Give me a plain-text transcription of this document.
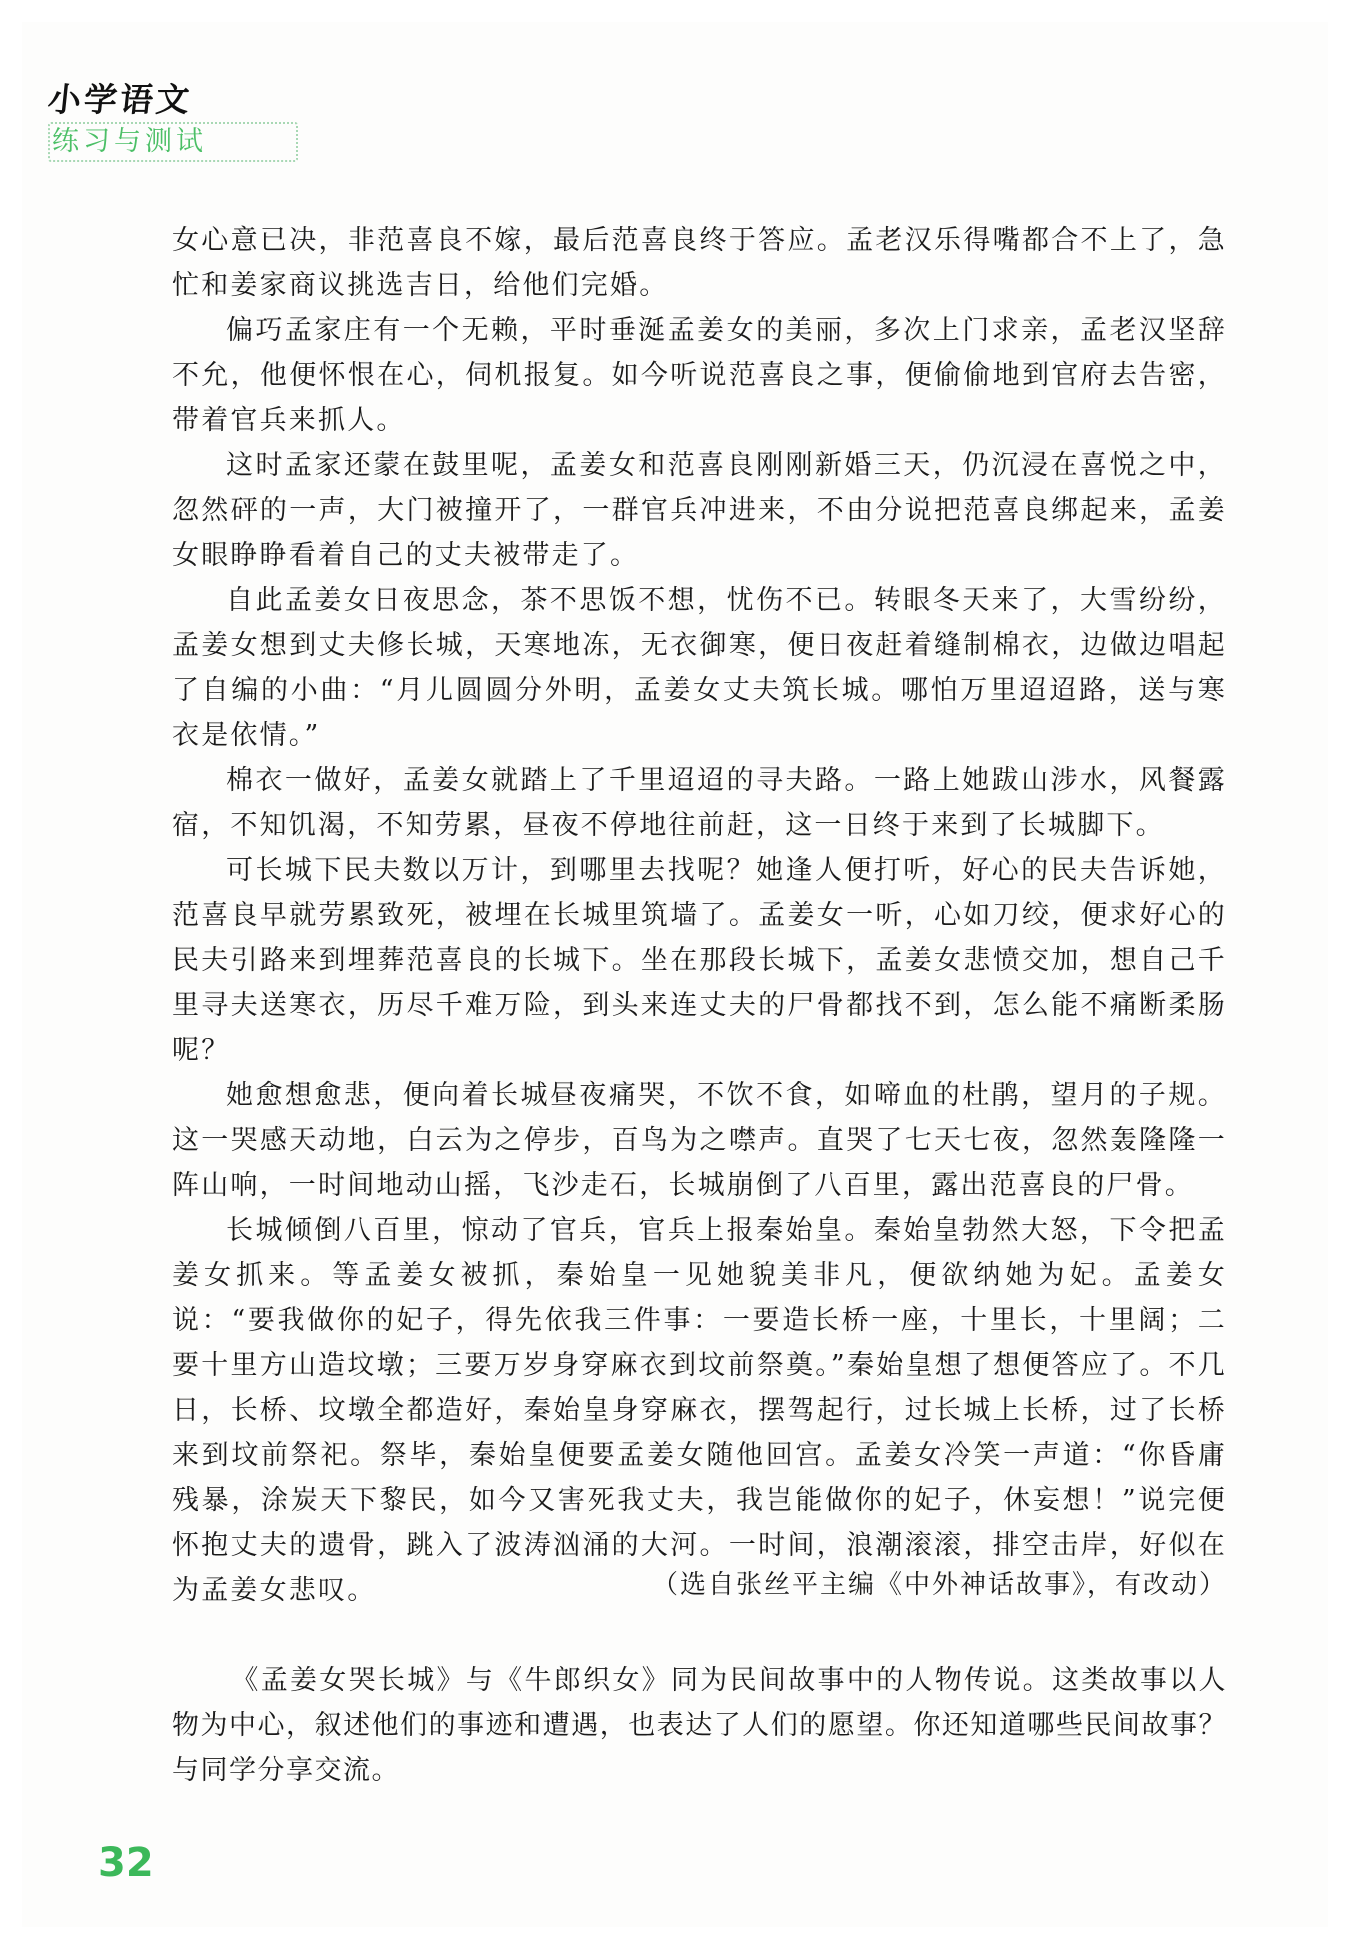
小学语文
练习与测试

女心意已决，非范喜良不嫁，最后范喜良终于答应。孟老汉乐得嘴都合不上了，急忙和姜家商议挑选吉日，给他们完婚。

偏巧孟家庄有一个无赖，平时垂涎孟姜女的美丽，多次上门求亲，孟老汉坚辞不允，他便怀恨在心，伺机报复。如今听说范喜良之事，便偷偷地到官府去告密，带着官兵来抓人。

这时孟家还蒙在鼓里呢，孟姜女和范喜良刚刚新婚三天，仍沉浸在喜悦之中，忽然砰的一声，大门被撞开了，一群官兵冲进来，不由分说把范喜良绑起来，孟姜女眼睁睁看着自己的丈夫被带走了。

自此孟姜女日夜思念，茶不思饭不想，忧伤不已。转眼冬天来了，大雪纷纷，孟姜女想到丈夫修长城，天寒地冻，无衣御寒，便日夜赶着缝制棉衣，边做边唱起了自编的小曲：“月儿圆圆分外明，孟姜女丈夫筑长城。哪怕万里迢迢路，送与寒衣是依情。”

棉衣一做好，孟姜女就踏上了千里迢迢的寻夫路。一路上她跋山涉水，风餐露宿，不知饥渴，不知劳累，昼夜不停地往前赶，这一日终于来到了长城脚下。

可长城下民夫数以万计，到哪里去找呢？她逢人便打听，好心的民夫告诉她，范喜良早就劳累致死，被埋在长城里筑墙了。孟姜女一听，心如刀绞，便求好心的民夫引路来到埋葬范喜良的长城下。坐在那段长城下，孟姜女悲愤交加，想自己千里寻夫送寒衣，历尽千难万险，到头来连丈夫的尸骨都找不到，怎么能不痛断柔肠呢？

她愈想愈悲，便向着长城昼夜痛哭，不饮不食，如啼血的杜鹃，望月的子规。这一哭感天动地，白云为之停步，百鸟为之噤声。直哭了七天七夜，忽然轰隆隆一阵山响，一时间地动山摇，飞沙走石，长城崩倒了八百里，露出范喜良的尸骨。

长城倾倒八百里，惊动了官兵，官兵上报秦始皇。秦始皇勃然大怒，下令把孟姜女抓来。等孟姜女被抓，秦始皇一见她貌美非凡，便欲纳她为妃。孟姜女说：“要我做你的妃子，得先依我三件事：一要造长桥一座，十里长，十里阔；二要十里方山造坟墩；三要万岁身穿麻衣到坟前祭奠。”秦始皇想了想便答应了。不几日，长桥、坟墩全都造好，秦始皇身穿麻衣，摆驾起行，过长城上长桥，过了长桥来到坟前祭祀。祭毕，秦始皇便要孟姜女随他回宫。孟姜女冷笑一声道：“你昏庸残暴，涂炭天下黎民，如今又害死我丈夫，我岂能做你的妃子，休妄想！”说完便怀抱丈夫的遗骨，跳入了波涛汹涌的大河。一时间，浪潮滚滚，排空击岸，好似在为孟姜女悲叹。	（选自张丝平主编《中外神话故事》，有改动）
《孟姜女哭长城》与《牛郎织女》同为民间故事中的人物传说。这类故事以人物为中心，叙述他们的事迹和遭遇，也表达了人们的愿望。你还知道哪些民间故事？与同学分享交流。
32
